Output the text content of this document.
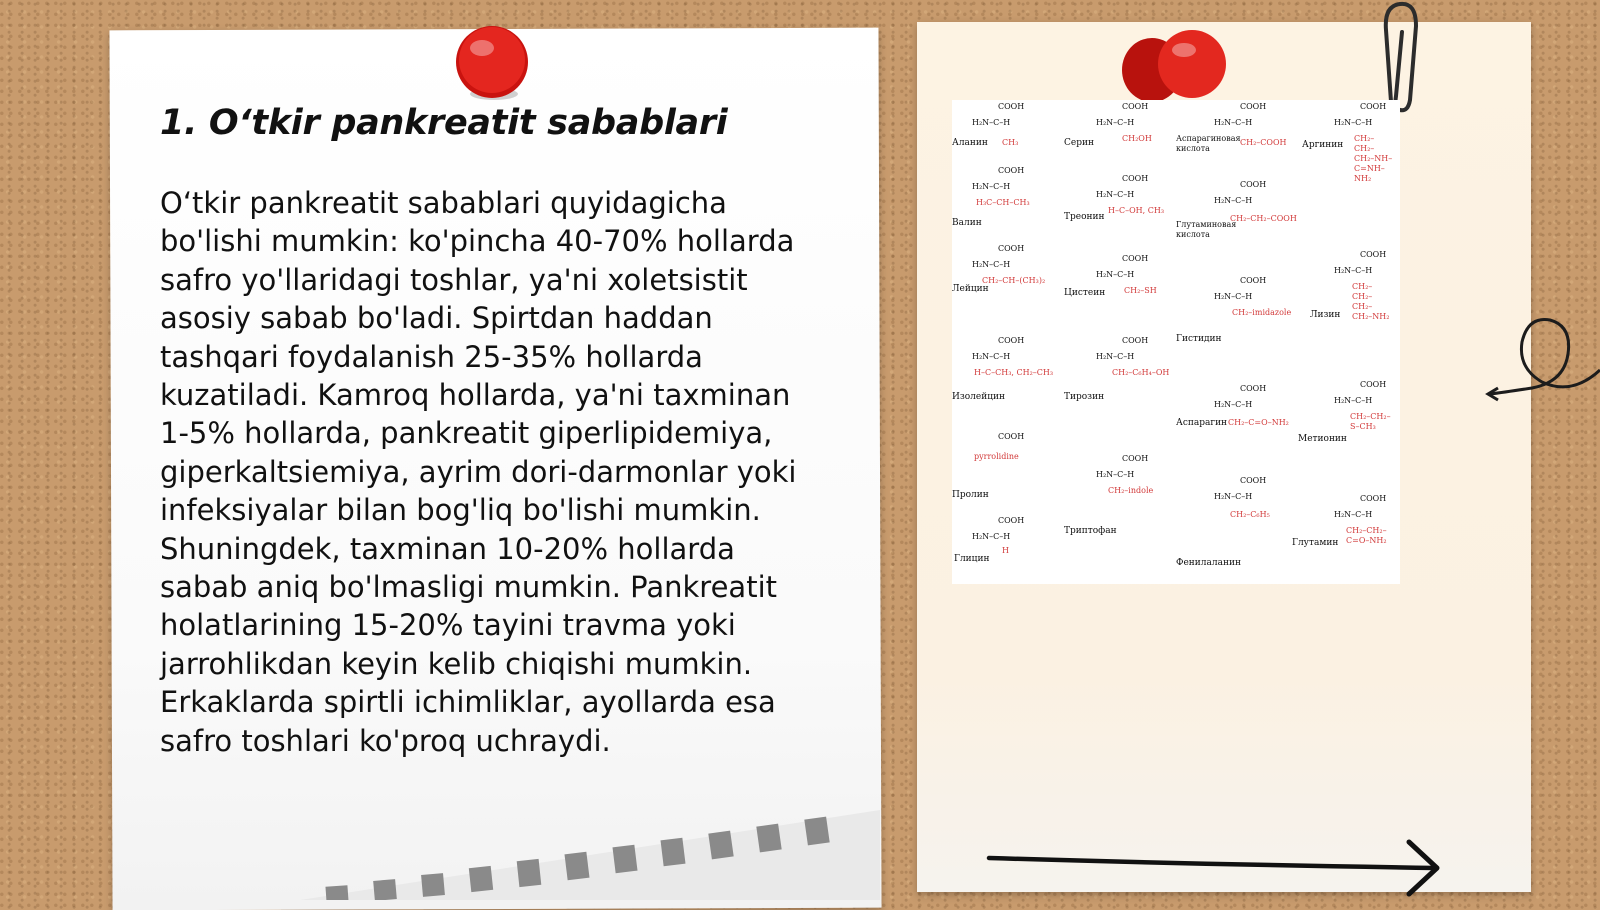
1. O‘tkir pankreatit sabablari

O‘tkir pankreatit sabablari quyidagicha bo'lishi mumkin: ko'pincha 40-70% hollarda safro yo'llaridagi toshlar, ya'ni xoletsistit asosiy sabab bo'ladi. Spirtdan haddan tashqari foydalanish 25-35% hollarda kuzatiladi. Kamroq hollarda, ya'ni taxminan 1-5% hollarda, pankreatit giperlipidemiya, giperkaltsiemiya, ayrim dori-darmonlar yoki infeksiyalar bilan bog'liq bo'lishi mumkin. Shuningdek, taxminan 10-20% hollarda sabab aniq bo'lmasligi mumkin. Pankreatit holatlarining 15-20% tayini travma yoki jarrohlikdan keyin kelib chiqishi mumkin. Erkaklarda spirtli ichimliklar, ayollarda esa safro toshlari ko'proq uchraydi.

COOH
H₂N–C–H
CH₃
Аланин
COOH
H₂N–C–H
H₃C–CH–CH₃
Валин
COOH
H₂N–C–H
CH₂–CH–(CH₃)₂
Лейцин
COOH
H₂N–C–H
H–C–CH₃, CH₂–CH₃
Изолейцин
COOH
pyrrolidine
Пролин
COOH
H₂N–C–H
H
Глицин
COOH
H₂N–C–H
CH₂OH
Серин
COOH
H₂N–C–H
H–C–OH, CH₃
Треонин
COOH
H₂N–C–H
CH₂–SH
Цистеин
COOH
H₂N–C–H
CH₂–C₆H₄–OH
Тирозин
COOH
H₂N–C–H
CH₂–indole
Триптофан
COOH
H₂N–C–H
CH₂–COOH
Аспарагиновая кислота
COOH
H₂N–C–H
CH₂–CH₂–COOH
Глутаминовая кислота
COOH
H₂N–C–H
CH₂–imidazole
Гистидин
COOH
H₂N–C–H
CH₂–C=O–NH₂
Аспарагин
COOH
H₂N–C–H
CH₂–C₆H₅
Фенилаланин
COOH
H₂N–C–H
CH₂–CH₂–CH₂–NH–C=NH–NH₂
Аргинин
COOH
H₂N–C–H
CH₂–CH₂–CH₂–CH₂–NH₂
Лизин
COOH
H₂N–C–H
CH₂–CH₂–S–CH₃
Метионин
COOH
H₂N–C–H
CH₂–CH₂–C=O–NH₂
Глутамин
